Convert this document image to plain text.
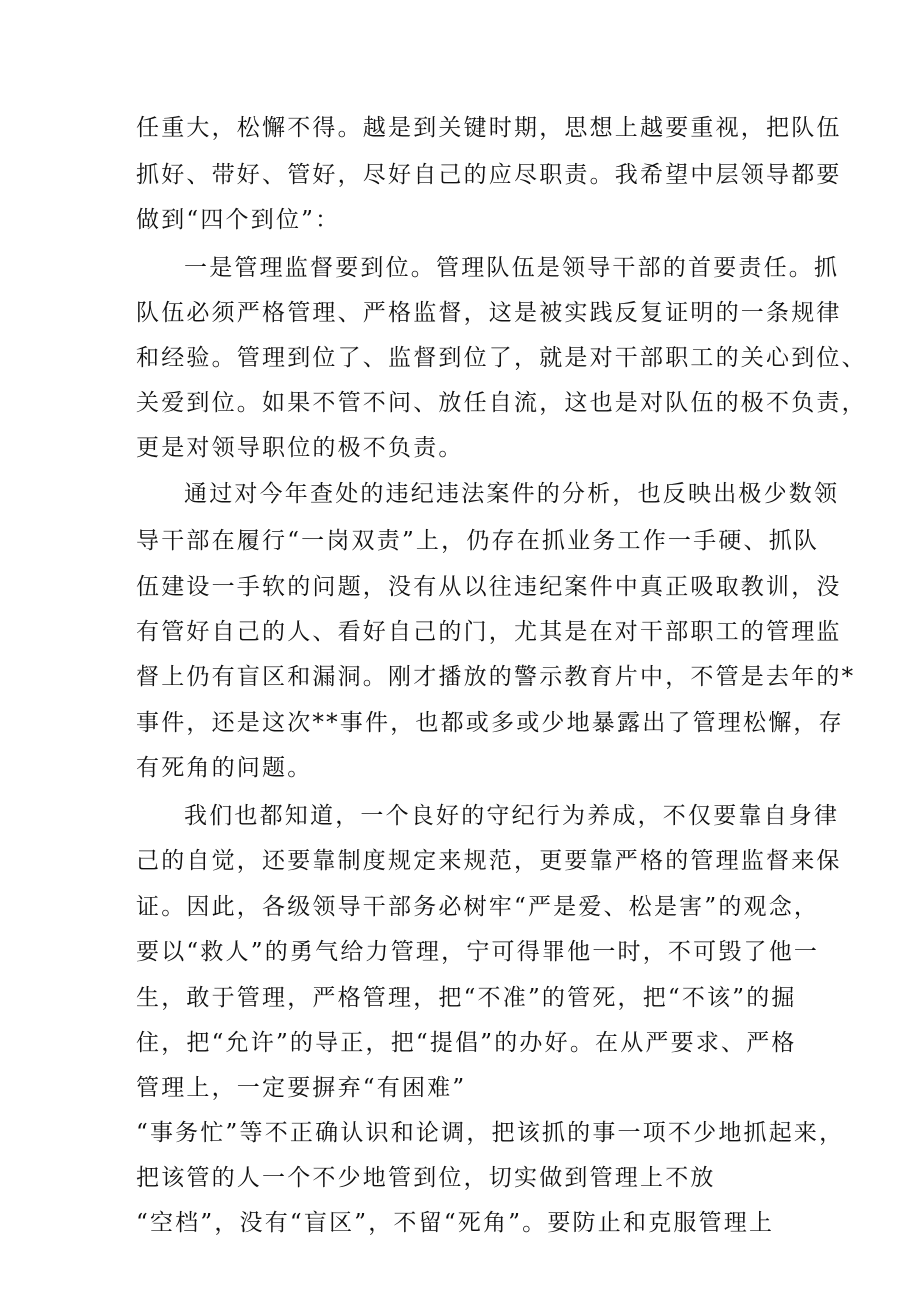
任重大，松懈不得。越是到关键时期，思想上越要重视，把队伍
抓好、带好、管好，尽好自己的应尽职责。我希望中层领导都要
做到“四个到位”：
一是管理监督要到位。管理队伍是领导干部的首要责任。抓
队伍必须严格管理、严格监督，这是被实践反复证明的一条规律
和经验。管理到位了、监督到位了，就是对干部职工的关心到位、
关爱到位。如果不管不问、放任自流，这也是对队伍的极不负责，
更是对领导职位的极不负责。
通过对今年查处的违纪违法案件的分析，也反映出极少数领
导干部在履行“一岗双责”上，仍存在抓业务工作一手硬、抓队
伍建设一手软的问题，没有从以往违纪案件中真正吸取教训，没
有管好自己的人、看好自己的门，尤其是在对干部职工的管理监
督上仍有盲区和漏洞。刚才播放的警示教育片中，不管是去年的*
事件，还是这次**事件，也都或多或少地暴露出了管理松懈，存
有死角的问题。
我们也都知道，一个良好的守纪行为养成，不仅要靠自身律
己的自觉，还要靠制度规定来规范，更要靠严格的管理监督来保
证。因此，各级领导干部务必树牢“严是爱、松是害”的观念，
要以“救人”的勇气给力管理，宁可得罪他一时，不可毁了他一
生，敢于管理，严格管理，把“不准”的管死，把“不该”的掘
住，把“允许”的导正，把“提倡”的办好。在从严要求、严格
管理上，一定要摒弃“有困难”
“事务忙”等不正确认识和论调，把该抓的事一项不少地抓起来，
把该管的人一个不少地管到位，切实做到管理上不放
“空档”，没有“盲区”，不留“死角”。要防止和克服管理上
